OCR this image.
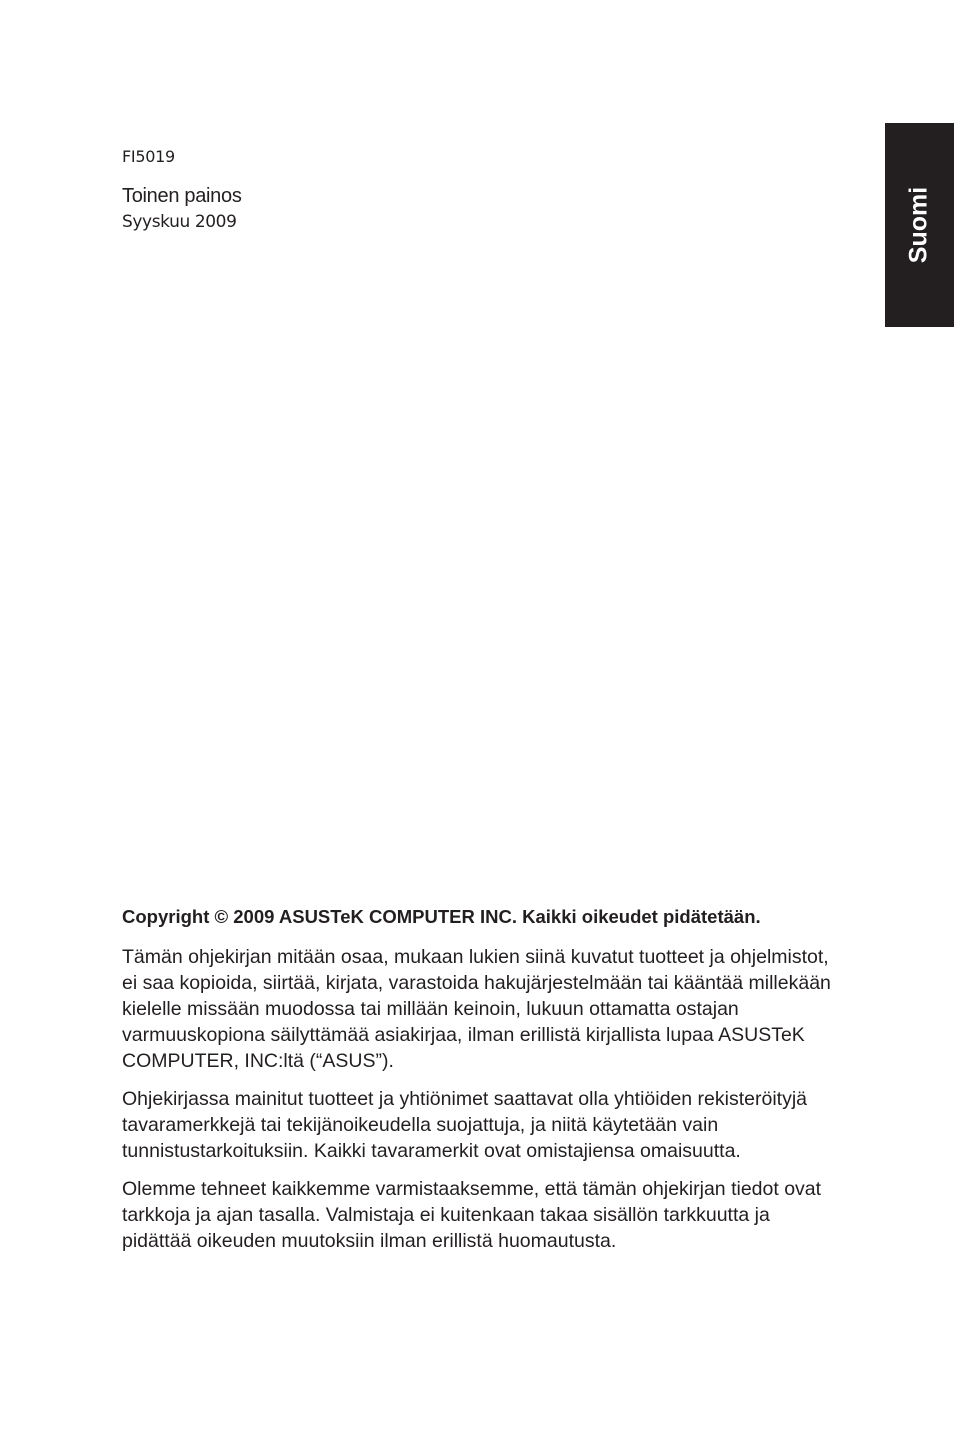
FI5019
Toinen painos
Syyskuu 2009	Suomi

Copyright © 2009 ASUSTeK COMPUTER INC. Kaikki oikeudet pidätetään.

Tämän ohjekirjan mitään osaa, mukaan lukien siinä kuvatut tuotteet ja ohjelmistot, ei saa kopioida, siirtää, kirjata, varastoida hakujärjestelmään tai kääntää millekään kielelle missään muodossa tai millään keinoin, lukuun ottamatta ostajan varmuuskopiona säilyttämää asiakirjaa, ilman erillistä kirjallista lupaa ASUSTeK COMPUTER, INC:ltä (“ASUS”).

Ohjekirjassa mainitut tuotteet ja yhtiönimet saattavat olla yhtiöiden rekisteröityjä tavaramerkkejä tai tekijänoikeudella suojattuja, ja niitä käytetään vain tunnistustarkoituksiin. Kaikki tavaramerkit ovat omistajiensa omaisuutta.

Olemme tehneet kaikkemme varmistaaksemme, että tämän ohjekirjan tiedot ovat tarkkoja ja ajan tasalla. Valmistaja ei kuitenkaan takaa sisällön tarkkuutta ja pidättää oikeuden muutoksiin ilman erillistä huomautusta.
